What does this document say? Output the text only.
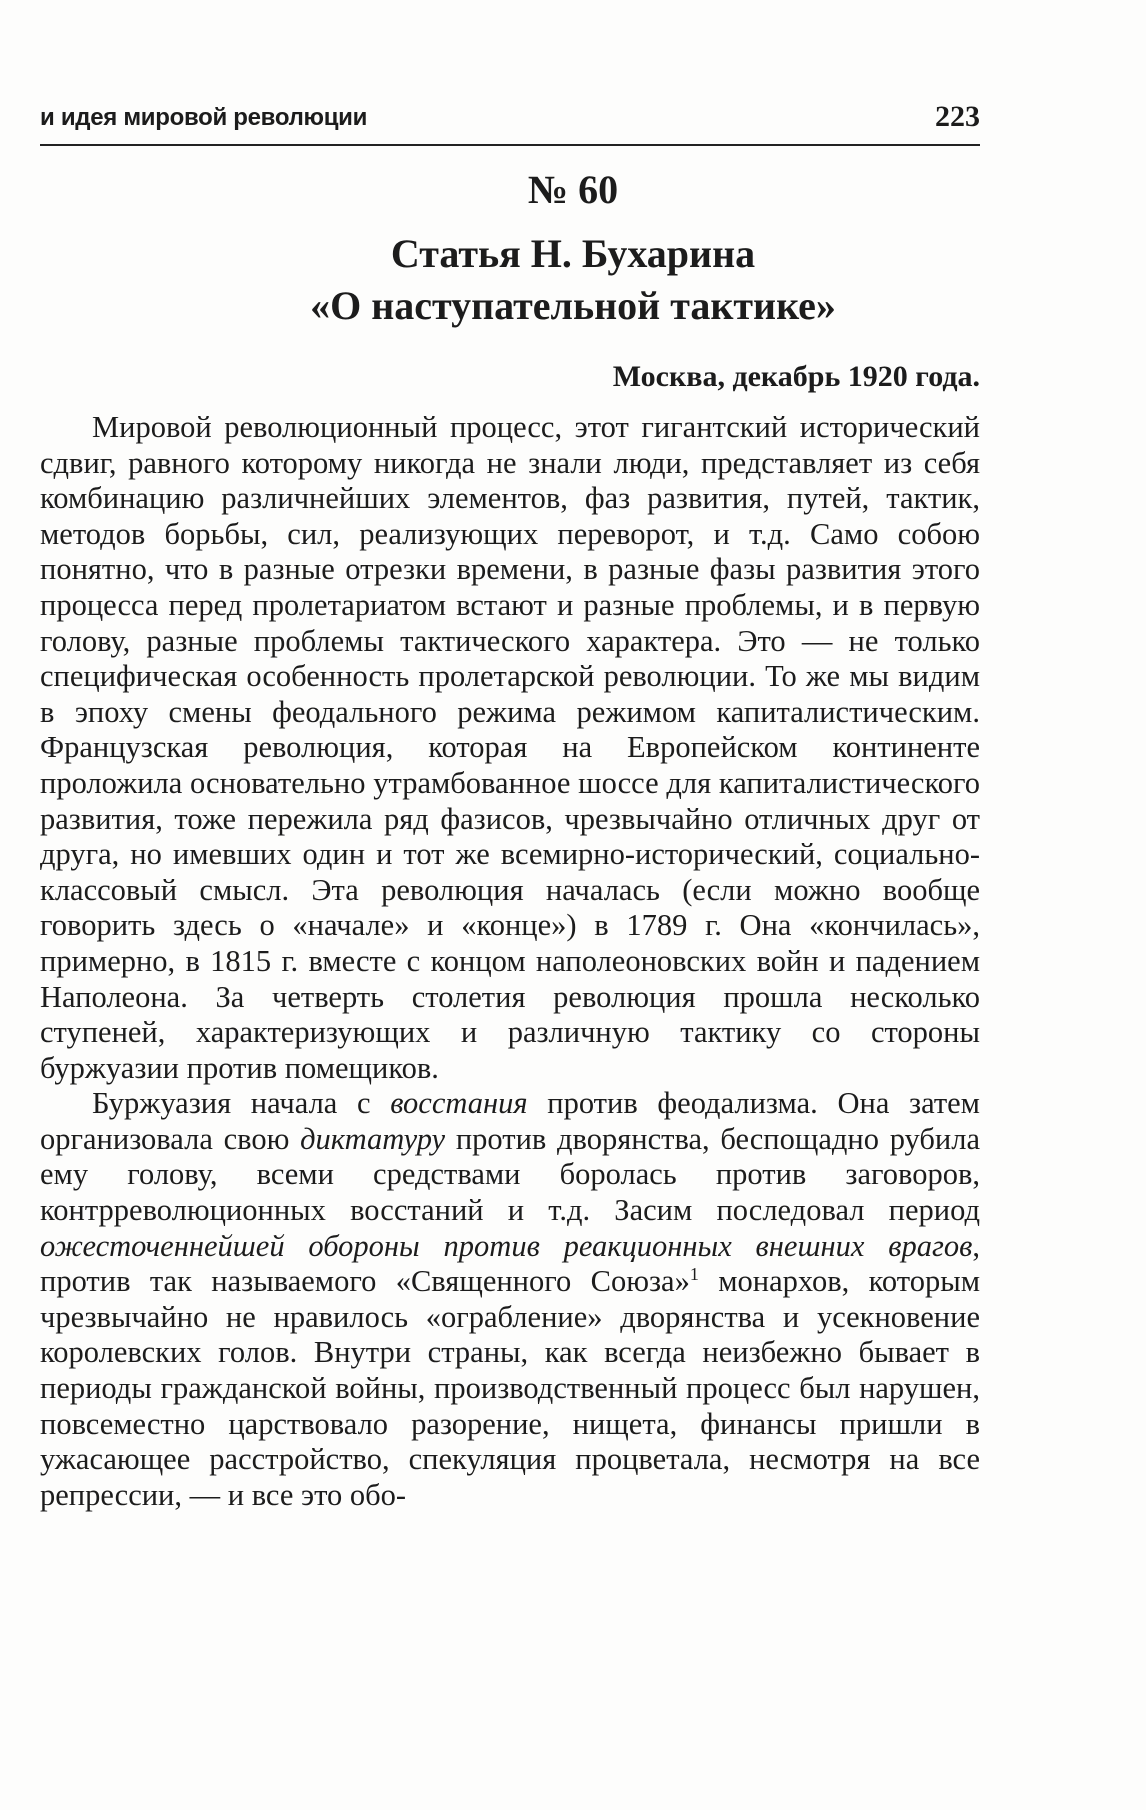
и идея мировой революции	223
№ 60
Статья Н. Бухарина
«О наступательной тактике»
Москва, декабрь 1920 года.

Мировой революционный процесс, этот гигантский исторический сдвиг, равного которому никогда не знали люди, представляет из себя комбинацию различнейших элементов, фаз развития, путей, тактик, методов борьбы, сил, реализующих переворот, и т.д. Само собою понятно, что в разные отрезки времени, в разные фазы развития этого процесса перед пролетариатом встают и разные проблемы, и в первую голову, разные проблемы тактического характера. Это — не только специфическая особенность пролетарской революции. То же мы видим в эпоху смены феодального режима режимом капиталистическим. Французская революция, которая на Европейском континенте проложила основательно утрамбованное шоссе для капиталистического развития, тоже пережила ряд фазисов, чрезвычайно отличных друг от друга, но имевших один и тот же всемирно-исторический, социально-классовый смысл. Эта революция началась (если можно вообще говорить здесь о «начале» и «конце») в 1789 г. Она «кончилась», примерно, в 1815 г. вместе с концом наполеоновских войн и падением Наполеона. За четверть столетия революция прошла несколько ступеней, характеризующих и различную тактику со стороны буржуазии против помещиков.

Буржуазия начала с восстания против феодализма. Она затем организовала свою диктатуру против дворянства, беспощадно рубила ему голову, всеми средствами боролась против заговоров, контрреволюционных восстаний и т.д. Засим последовал период ожесточеннейшей обороны против реакционных внешних врагов, против так называемого «Священного Союза»$^1$ монархов, которым чрезвычайно не нравилось «ограбление» дворянства и усекновение королевских голов. Внутри страны, как всегда неизбежно бывает в периоды гражданской войны, производственный процесс был нарушен, повсеместно царствовало разорение, нищета, финансы пришли в ужасающее расстройство, спекуляция процветала, несмотря на все репрессии, — и все это обо-
